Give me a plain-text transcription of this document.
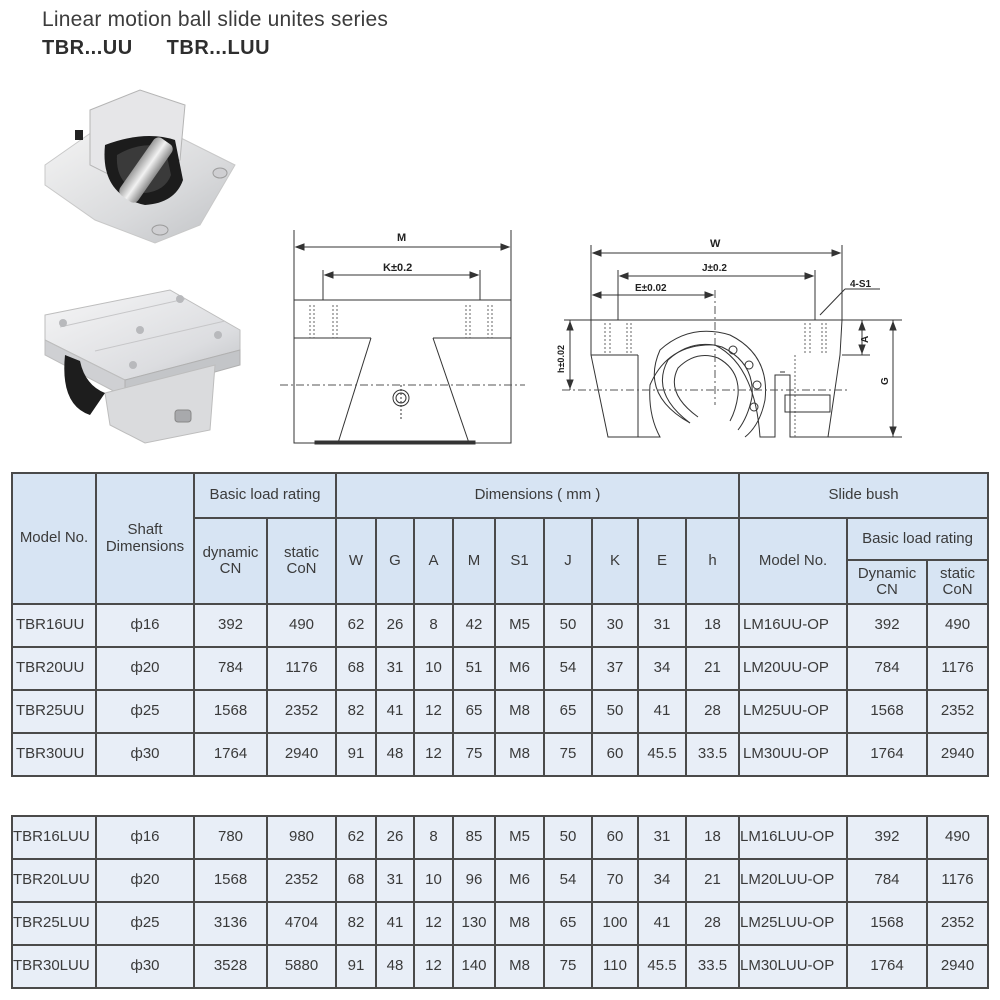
Linear motion ball slide unites series
TBR...UU TBR...LUU
M
K±0.2
W
J±0.2
E±0.02	4-S1
A
G
h±0.02
Model No.	Shaft Dimensions	Basic load rating		Dimensions ( mm )									Slide bush		
		dynamic CN	static CoN	W	G	A	M	S1	J	K	E	h	Model No.	Basic load rating	
														Dynamic CN	static CoN
TBR16UU	ф16	392	490	62	26	8	42	M5	50	30	31	18	LM16UU-OP	392	490
TBR20UU	ф20	784	1176	68	31	10	51	M6	54	37	34	21	LM20UU-OP	784	1176
TBR25UU	ф25	1568	2352	82	41	12	65	M8	65	50	41	28	LM25UU-OP	1568	2352
TBR30UU	ф30	1764	2940	91	48	12	75	M8	75	60	45.5	33.5	LM30UU-OP	1764	2940
TBR16LUU	ф16	780	980	62	26	8	85	M5	50	60	31	18	LM16LUU-OP	392	490
TBR20LUU	ф20	1568	2352	68	31	10	96	M6	54	70	34	21	LM20LUU-OP	784	1176
TBR25LUU	ф25	3136	4704	82	41	12	130	M8	65	100	41	28	LM25LUU-OP	1568	2352
TBR30LUU	ф30	3528	5880	91	48	12	140	M8	75	110	45.5	33.5	LM30LUU-OP	1764	2940
